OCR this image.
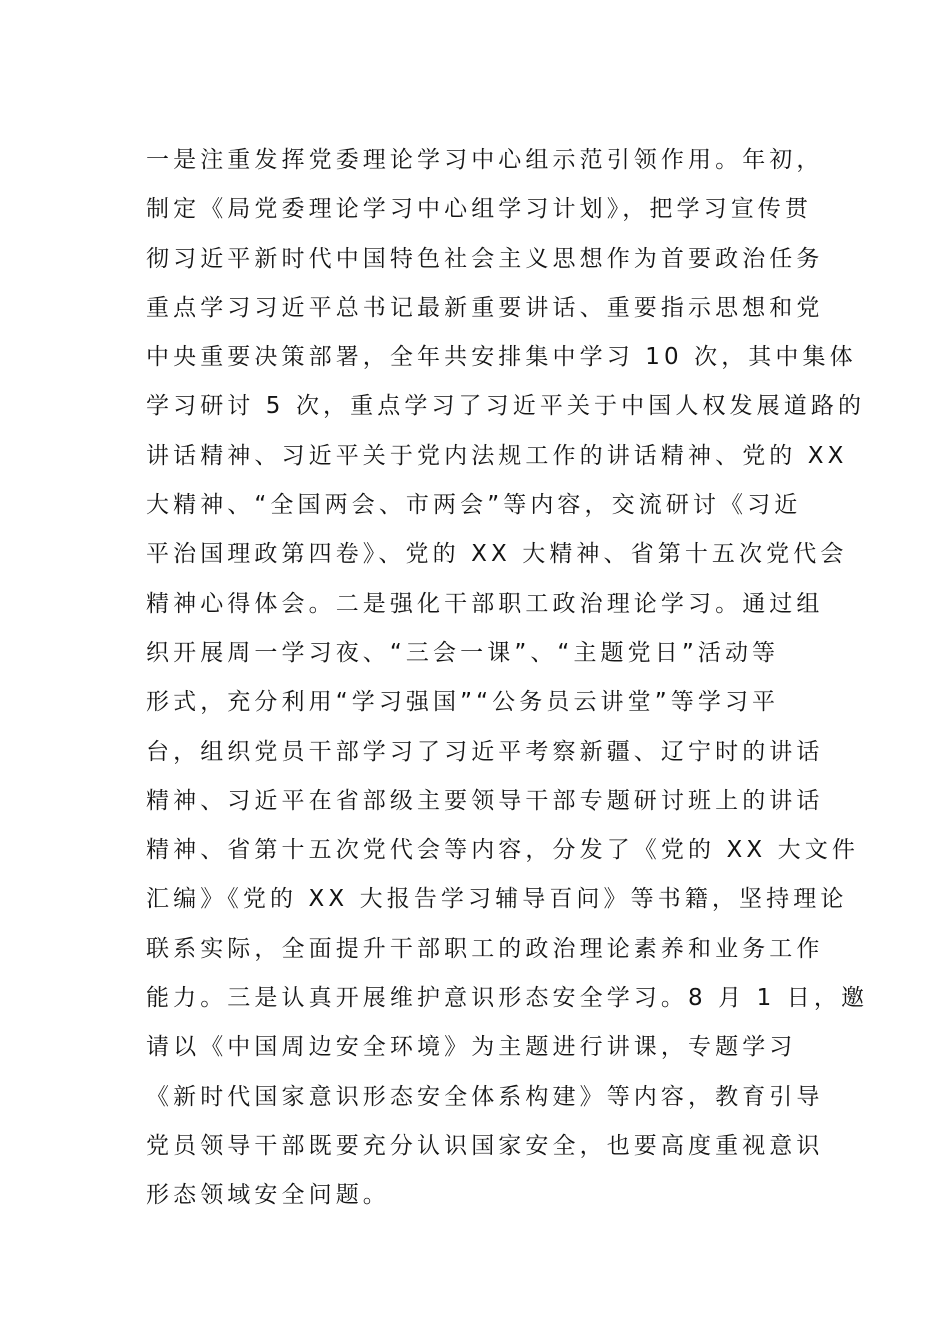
一是注重发挥党委理论学习中心组示范引领作用。年初，
制定《局党委理论学习中心组学习计划》，把学习宣传贯
彻习近平新时代中国特色社会主义思想作为首要政治任务
重点学习习近平总书记最新重要讲话、重要指示思想和党
中央重要决策部署，全年共安排集中学习 10 次，其中集体
学习研讨 5 次，重点学习了习近平关于中国人权发展道路的
讲话精神、习近平关于党内法规工作的讲话精神、党的 XX
大精神、“全国两会、市两会”等内容，交流研讨《习近
平治国理政第四卷》、党的 XX 大精神、省第十五次党代会
精神心得体会。二是强化干部职工政治理论学习。通过组
织开展周一学习夜、“三会一课”、“主题党日”活动等
形式，充分利用“学习强国”“公务员云讲堂”等学习平
台，组织党员干部学习了习近平考察新疆、辽宁时的讲话
精神、习近平在省部级主要领导干部专题研讨班上的讲话
精神、省第十五次党代会等内容，分发了《党的 XX 大文件
汇编》《党的 XX 大报告学习辅导百问》等书籍，坚持理论
联系实际，全面提升干部职工的政治理论素养和业务工作
能力。三是认真开展维护意识形态安全学习。8 月 1 日，邀
请以《中国周边安全环境》为主题进行讲课，专题学习
《新时代国家意识形态安全体系构建》等内容，教育引导
党员领导干部既要充分认识国家安全，也要高度重视意识
形态领域安全问题。
